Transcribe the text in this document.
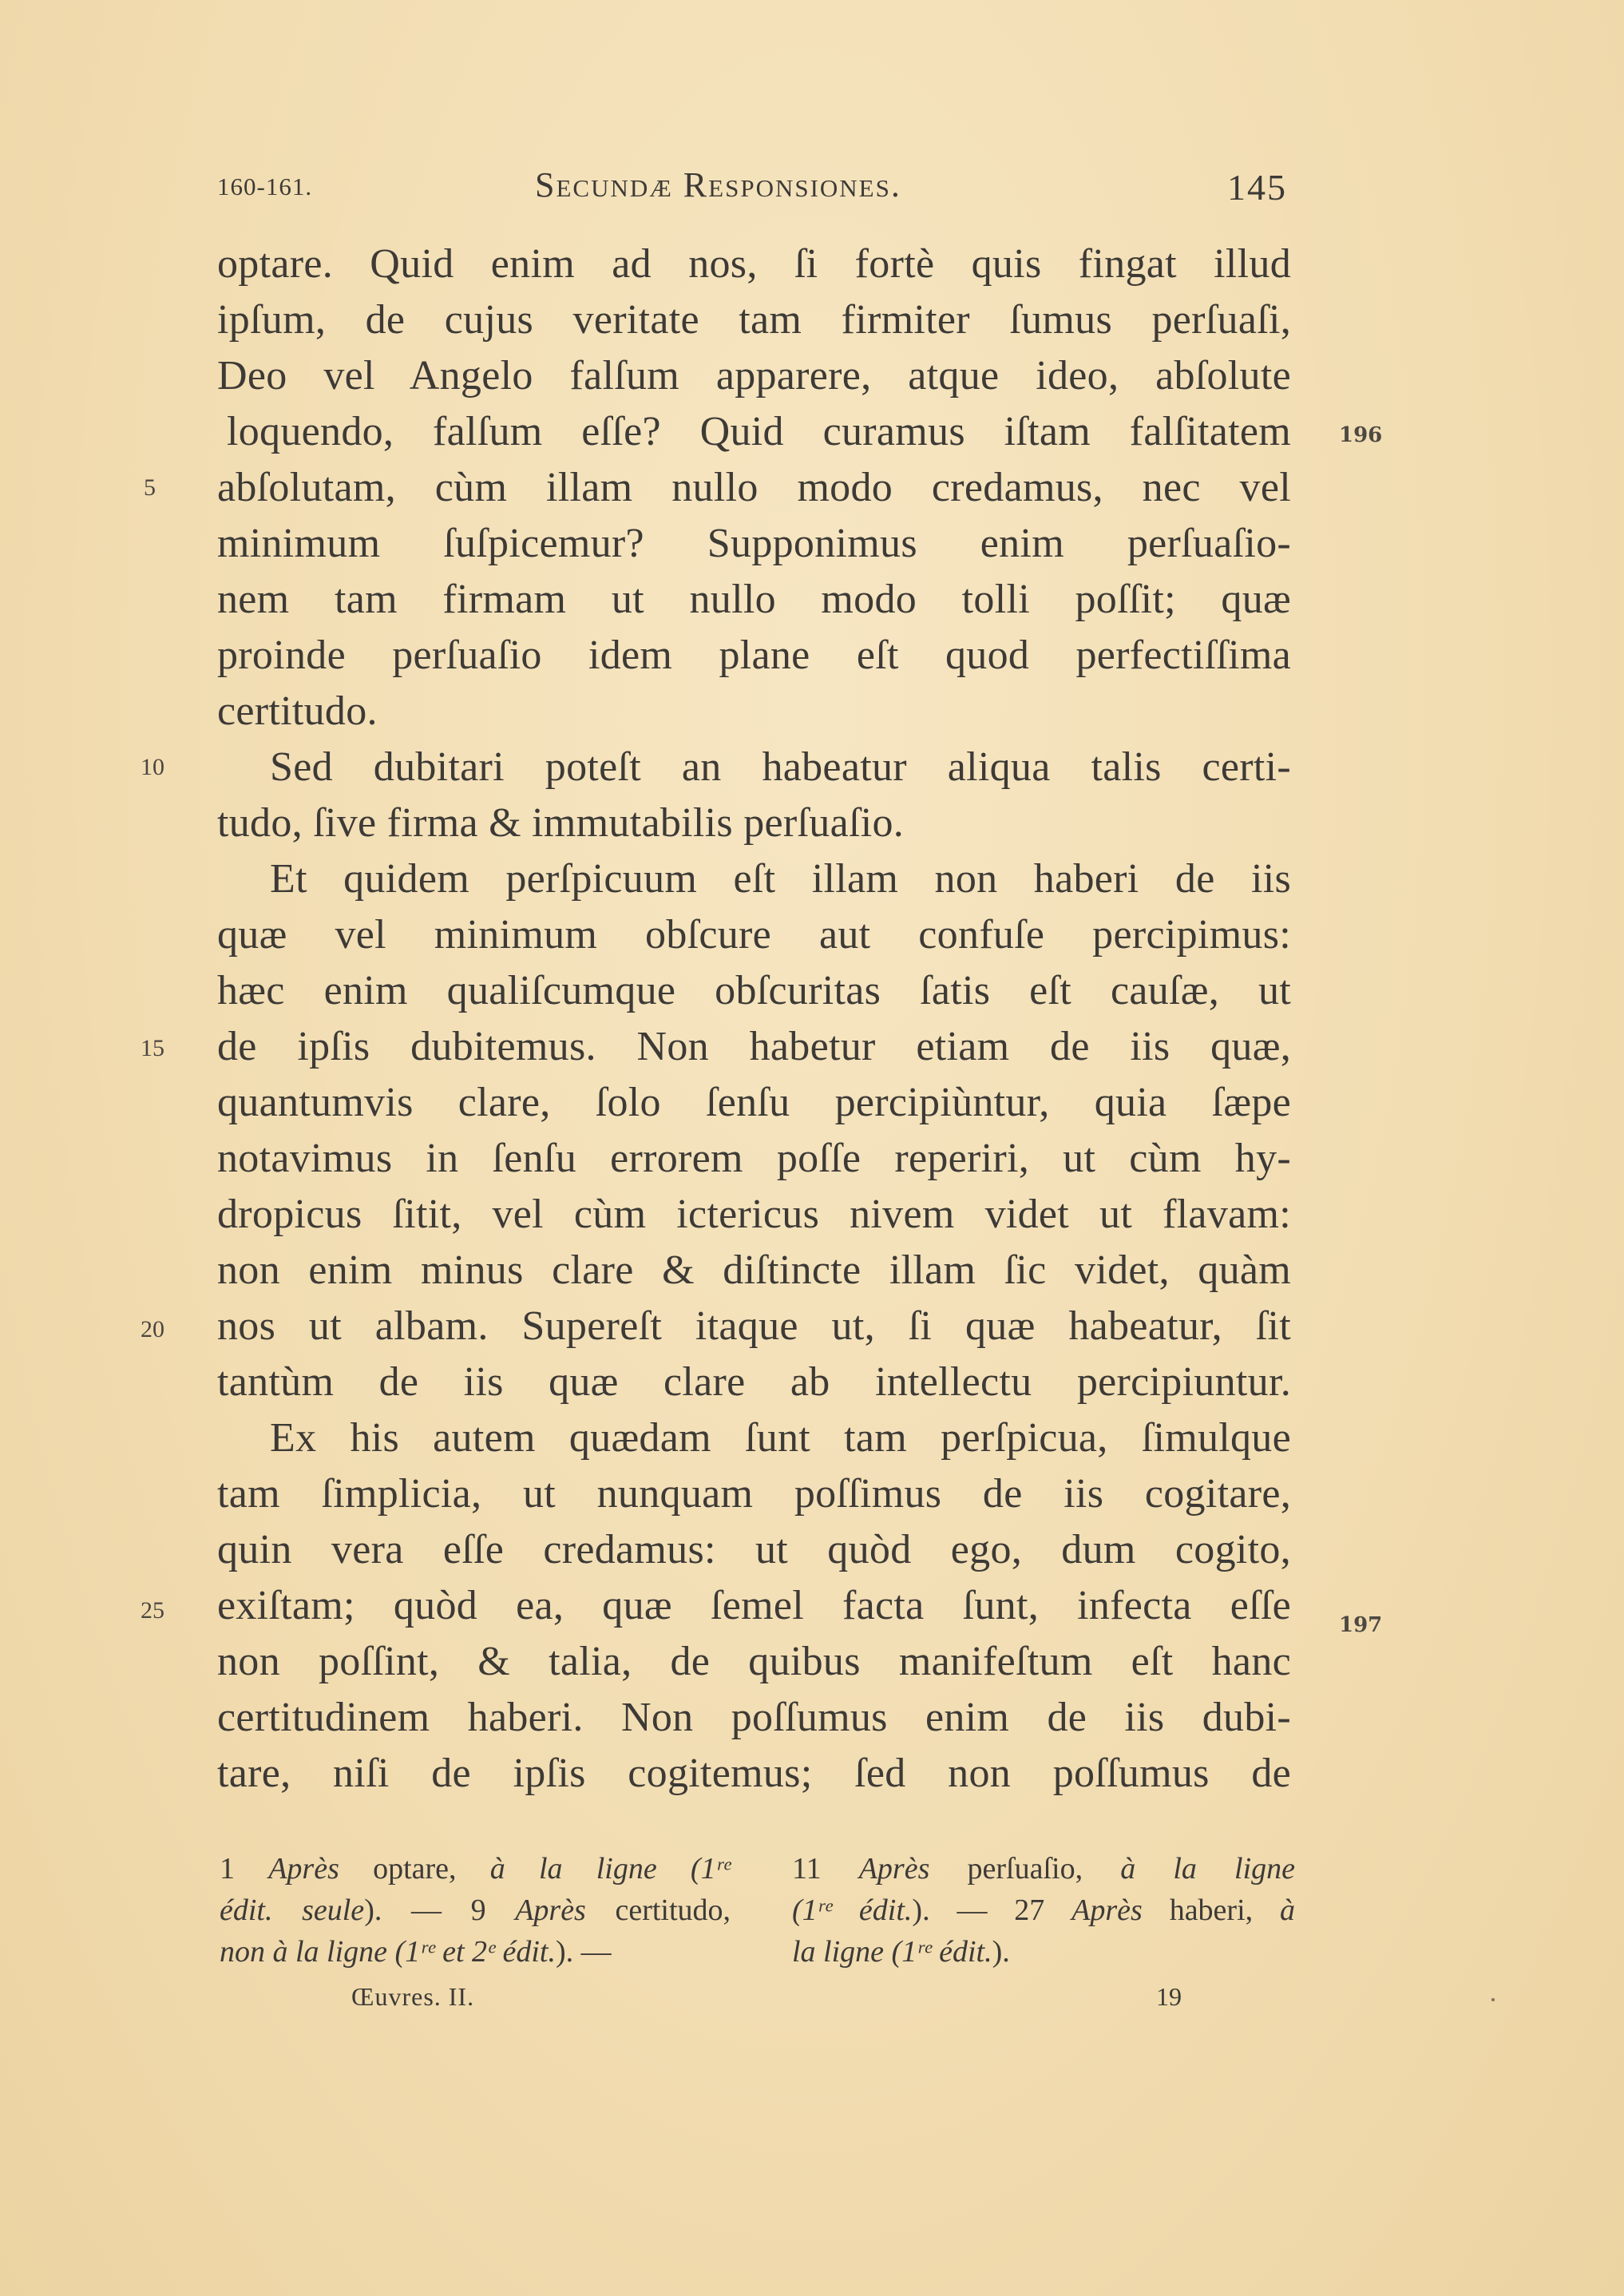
160-161.	Secundæ Responsiones.	145
optare. Quid enim ad nos, ſi fortè quis fingat illud
ipſum, de cujus veritate tam firmiter ſumus perſuaſi,
Deo vel Angelo falſum apparere, atque ideo, abſolute
loquendo, falſum eſſe? Quid curamus iſtam falſitatem
abſolutam, cùm illam nullo modo credamus, nec vel
minimum ſuſpicemur? Supponimus enim perſuaſio-
nem tam firmam ut nullo modo tolli poſſit; quæ
proinde perſuaſio idem plane eſt quod perfectiſſima
certitudo.
Sed dubitari poteſt an habeatur aliqua talis certi-
tudo, ſive firma & immutabilis perſuaſio.
Et quidem perſpicuum eſt illam non haberi de iis
quæ vel minimum obſcure aut confuſe percipimus:
hæc enim qualiſcumque obſcuritas ſatis eſt cauſæ, ut
de ipſis dubitemus. Non habetur etiam de iis quæ,
quantumvis clare, ſolo ſenſu percipiùntur, quia ſæpe
notavimus in ſenſu errorem poſſe reperiri, ut cùm hy-
dropicus ſitit, vel cùm ictericus nivem videt ut flavam:
non enim minus clare & diſtincte illam ſic videt, quàm
nos ut albam. Supereſt itaque ut, ſi quæ habeatur, ſit
tantùm de iis quæ clare ab intellectu percipiuntur.
Ex his autem quædam ſunt tam perſpicua, ſimulque
tam ſimplicia, ut nunquam poſſimus de iis cogitare,
quin vera eſſe credamus: ut quòd ego, dum cogito,
exiſtam; quòd ea, quæ ſemel facta ſunt, infecta eſſe
non poſſint, & talia, de quibus manifeſtum eſt hanc
certitudinem haberi. Non poſſumus enim de iis dubi-
tare, niſi de ipſis cogitemus; ſed non poſſumus de
5
10
15
20
25
196
197
1 Après optare, à la ligne (1ʳᵉ
édit. seule). — 9 Après certitudo,
non à la ligne (1ʳᵉ et 2ᵉ édit.). —
11 Après perſuaſio, à la ligne
(1ʳᵉ édit.). — 27 Après haberi, à
la ligne (1ʳᵉ édit.).
Œuvres. II.	19
